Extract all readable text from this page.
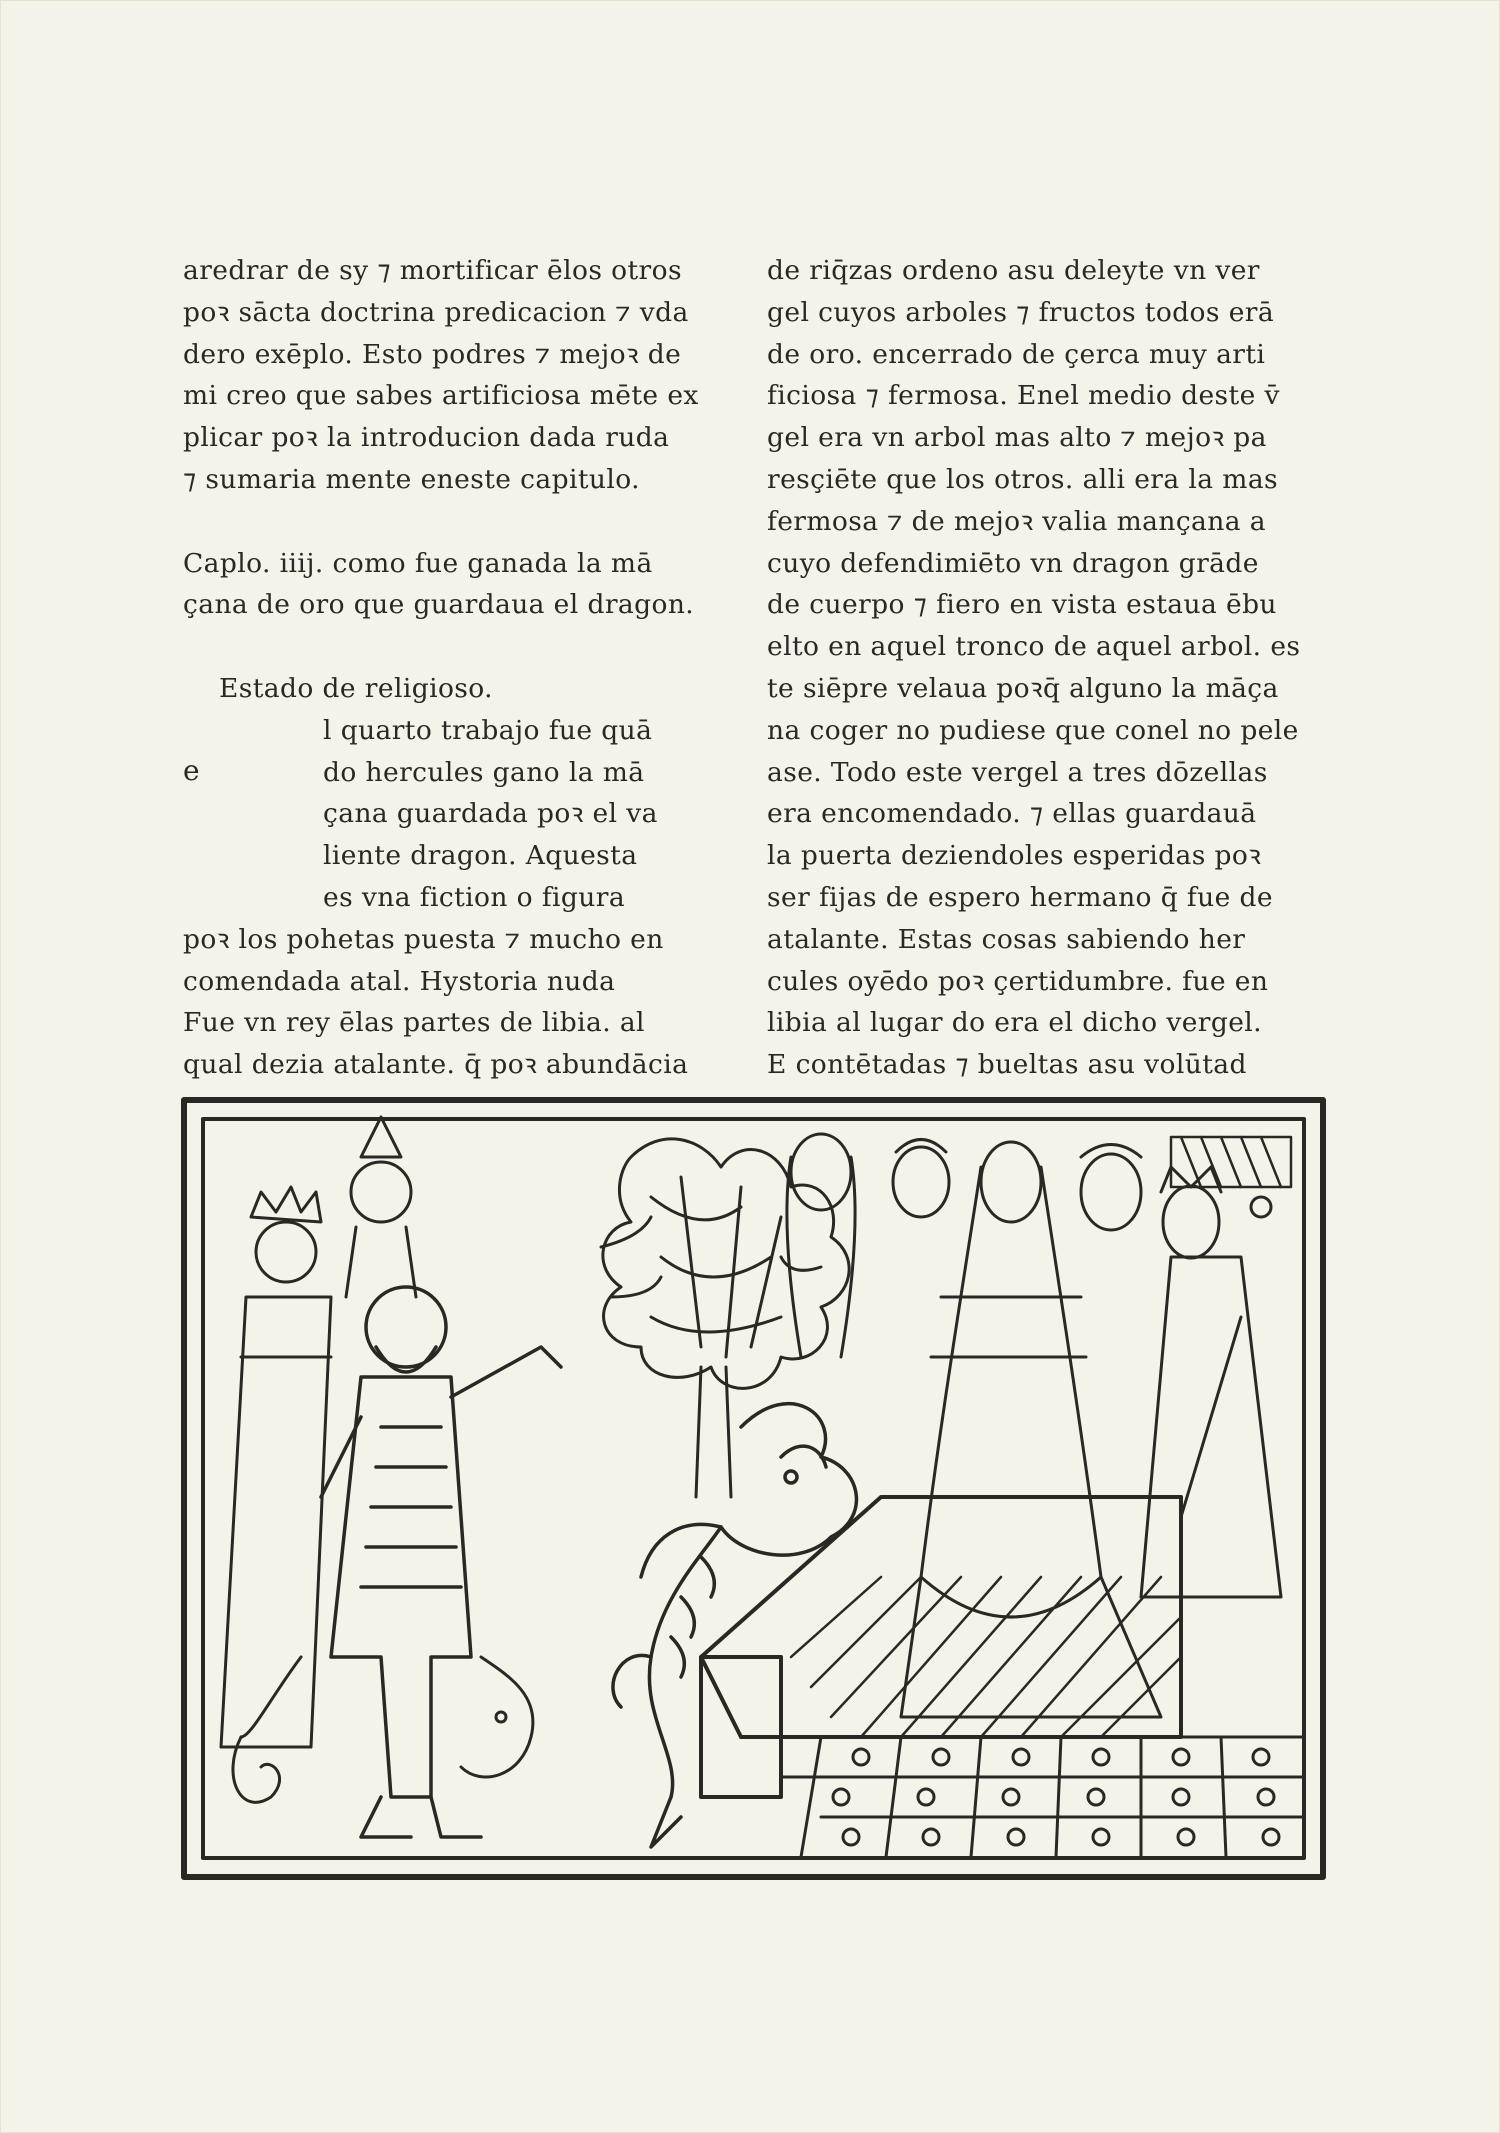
aredrar de sy ⁊ mortificar ēlos otros
poꝛ sācta doctrina predicacion ⁊ vda
dero exēplo. Esto podres ⁊ mejoꝛ de
mi creo que sabes artificiosa mēte ex
plicar poꝛ la introducion dada ruda
⁊ sumaria mente eneste capitulo.
Caplo. iiij. como fue ganada la mā
çana de oro que guardaua el dragon.
Estado de religioso.
l quarto trabajo fue quā
do hercules gano la mā
çana guardada poꝛ el va
liente dragon. Aquesta
es vna fiction o figura
poꝛ los pohetas puesta ⁊ mucho en
comendada atal. Hystoria nuda
Fue vn rey ēlas partes de libia. al
qual dezia atalante. q̄ poꝛ abundācia
e
de riq̄zas ordeno asu deleyte vn ver
gel cuyos arboles ⁊ fructos todos erā
de oro. encerrado de çerca muy arti
ficiosa ⁊ fermosa. Enel medio deste v̄
gel era vn arbol mas alto ⁊ mejoꝛ pa
resçiēte que los otros. alli era la mas
fermosa ⁊ de mejoꝛ valia mançana a
cuyo defendimiēto vn dragon grāde
de cuerpo ⁊ fiero en vista estaua ēbu
elto en aquel tronco de aquel arbol. es
te siēpre velaua poꝛq̄ alguno la māça
na coger no pudiese que conel no pele
ase. Todo este vergel a tres dōzellas
era encomendado. ⁊ ellas guardauā
la puerta deziendoles esperidas poꝛ
ser fijas de espero hermano q̄ fue de
atalante. Estas cosas sabiendo her
cules oyēdo poꝛ çertidumbre. fue en
libia al lugar do era el dicho vergel.
E contētadas ⁊ bueltas asu volūtad
